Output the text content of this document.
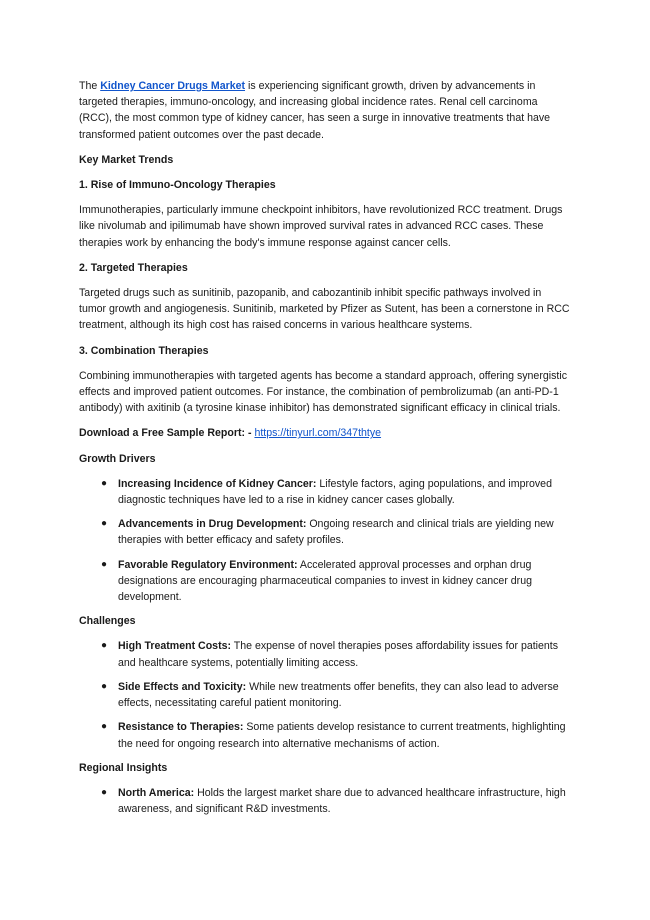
The Kidney Cancer Drugs Market is experiencing significant growth, driven by advancements in targeted therapies, immuno-oncology, and increasing global incidence rates. Renal cell carcinoma (RCC), the most common type of kidney cancer, has seen a surge in innovative treatments that have transformed patient outcomes over the past decade.

Key Market Trends

1. Rise of Immuno-Oncology Therapies

Immunotherapies, particularly immune checkpoint inhibitors, have revolutionized RCC treatment. Drugs like nivolumab and ipilimumab have shown improved survival rates in advanced RCC cases. These therapies work by enhancing the body's immune response against cancer cells.

2. Targeted Therapies

Targeted drugs such as sunitinib, pazopanib, and cabozantinib inhibit specific pathways involved in tumor growth and angiogenesis. Sunitinib, marketed by Pfizer as Sutent, has been a cornerstone in RCC treatment, although its high cost has raised concerns in various healthcare systems.

3. Combination Therapies

Combining immunotherapies with targeted agents has become a standard approach, offering synergistic effects and improved patient outcomes. For instance, the combination of pembrolizumab (an anti-PD-1 antibody) with axitinib (a tyrosine kinase inhibitor) has demonstrated significant efficacy in clinical trials.

Download a Free Sample Report: - https://tinyurl.com/347thtye

Growth Drivers

● Increasing Incidence of Kidney Cancer: Lifestyle factors, aging populations, and improved diagnostic techniques have led to a rise in kidney cancer cases globally.
● Advancements in Drug Development: Ongoing research and clinical trials are yielding new therapies with better efficacy and safety profiles.
● Favorable Regulatory Environment: Accelerated approval processes and orphan drug designations are encouraging pharmaceutical companies to invest in kidney cancer drug development.

Challenges

● High Treatment Costs: The expense of novel therapies poses affordability issues for patients and healthcare systems, potentially limiting access.
● Side Effects and Toxicity: While new treatments offer benefits, they can also lead to adverse effects, necessitating careful patient monitoring.
● Resistance to Therapies: Some patients develop resistance to current treatments, highlighting the need for ongoing research into alternative mechanisms of action.

Regional Insights

● North America: Holds the largest market share due to advanced healthcare infrastructure, high awareness, and significant R&D investments.
